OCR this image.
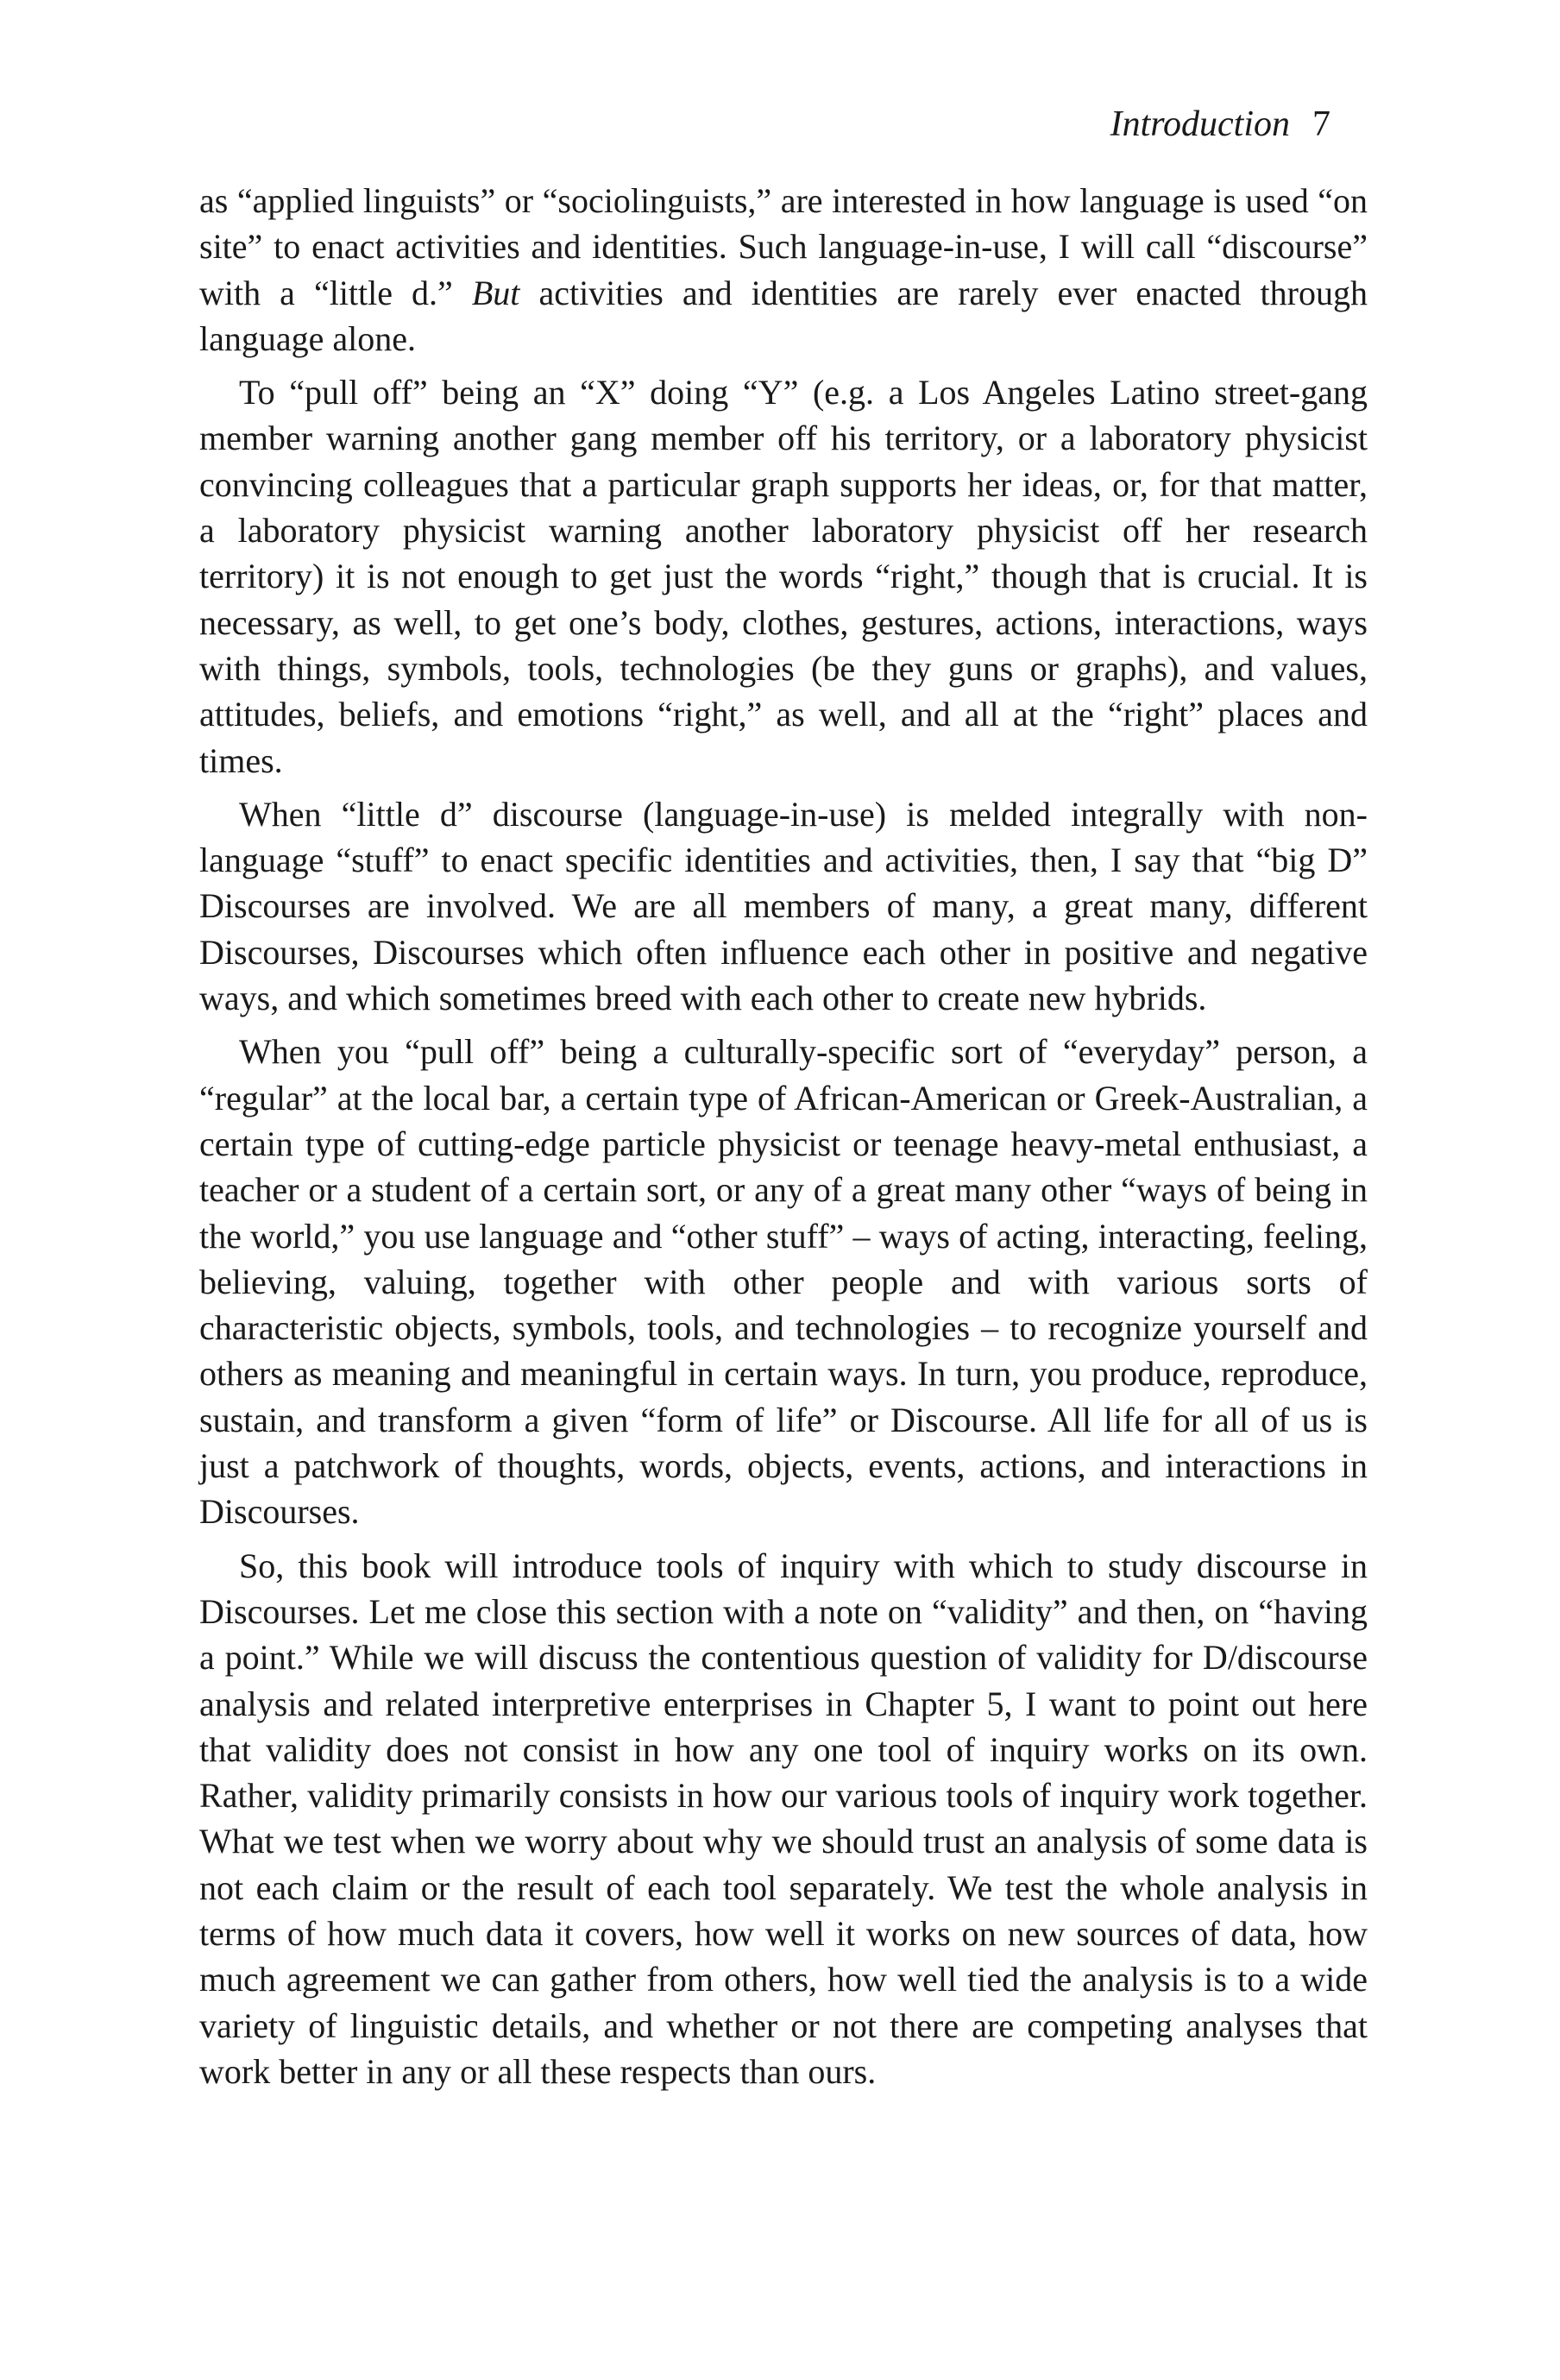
Introduction 7

as “applied linguists” or “sociolinguists,” are interested in how language is used “on site” to enact activities and identities. Such language-in-use, I will call “discourse” with a “little d.” But activities and identities are rarely ever enacted through language alone.

To “pull off” being an “X” doing “Y” (e.g. a Los Angeles Latino street-gang member warning another gang member off his territory, or a laboratory physicist convincing colleagues that a particular graph supports her ideas, or, for that matter, a laboratory physicist warning another laboratory physicist off her research territory) it is not enough to get just the words “right,” though that is crucial. It is necessary, as well, to get one’s body, clothes, gestures, actions, interactions, ways with things, symbols, tools, technologies (be they guns or graphs), and values, attitudes, beliefs, and emotions “right,” as well, and all at the “right” places and times.

When “little d” discourse (language-in-use) is melded integrally with non-language “stuff” to enact specific identities and activities, then, I say that “big D” Discourses are involved. We are all members of many, a great many, different Discourses, Discourses which often influence each other in positive and negative ways, and which sometimes breed with each other to create new hybrids.

When you “pull off” being a culturally-specific sort of “everyday” person, a “regular” at the local bar, a certain type of African-American or Greek-Australian, a certain type of cutting-edge particle physicist or teenage heavy-metal enthusiast, a teacher or a student of a certain sort, or any of a great many other “ways of being in the world,” you use language and “other stuff” – ways of acting, interacting, feeling, believing, valuing, together with other people and with various sorts of characteristic objects, symbols, tools, and technologies – to recognize yourself and others as meaning and meaningful in certain ways. In turn, you produce, reproduce, sustain, and transform a given “form of life” or Discourse. All life for all of us is just a patchwork of thoughts, words, objects, events, actions, and interactions in Discourses.

So, this book will introduce tools of inquiry with which to study discourse in Discourses. Let me close this section with a note on “validity” and then, on “having a point.” While we will discuss the contentious question of validity for D/discourse analysis and related interpretive enterprises in Chapter 5, I want to point out here that validity does not consist in how any one tool of inquiry works on its own. Rather, validity primarily consists in how our various tools of inquiry work together. What we test when we worry about why we should trust an analysis of some data is not each claim or the result of each tool separately. We test the whole analysis in terms of how much data it covers, how well it works on new sources of data, how much agreement we can gather from others, how well tied the analysis is to a wide variety of linguistic details, and whether or not there are competing analyses that work better in any or all these respects than ours.
